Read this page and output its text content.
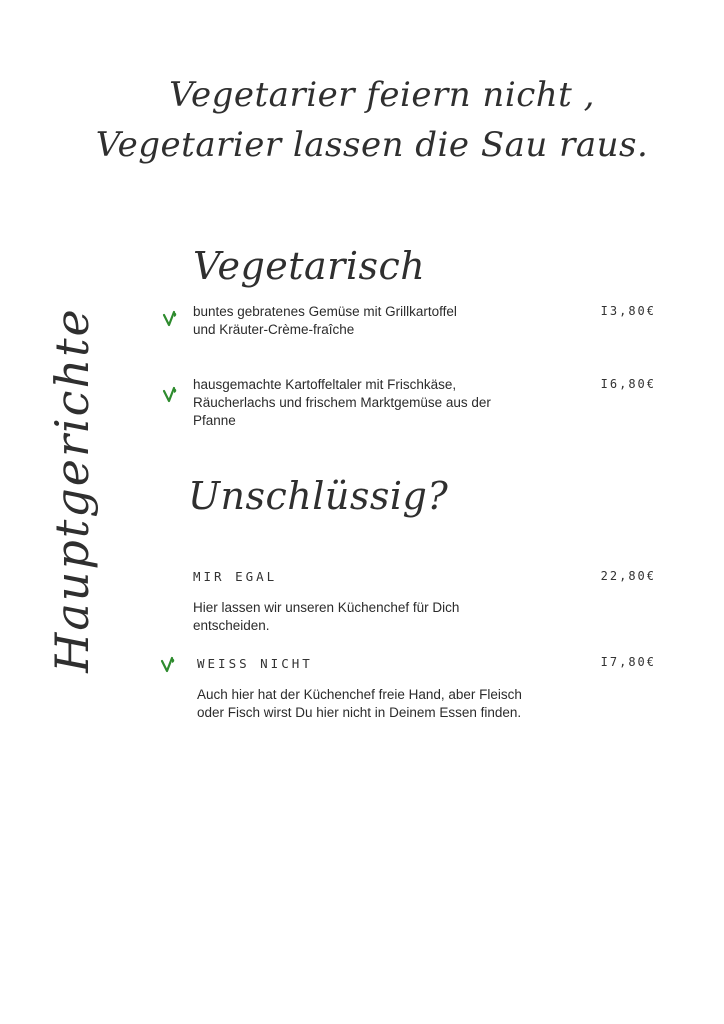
Vegetarier feiern nicht ,
Vegetarier lassen die Sau raus.
Hauptgerichte
Vegetarisch
buntes gebratenes Gemüse mit Grillkartoffel
und Kräuter-Crème-fraîche
I3,80€
hausgemachte Kartoffeltaler mit Frischkäse,
Räucherlachs und frischem Marktgemüse aus der
Pfanne
I6,80€
Unschlüssig?
MIR EGAL	22,80€
Hier lassen wir unseren Küchenchef für Dich
entscheiden.
WEISS NICHT	I7,80€
Auch hier hat der Küchenchef freie Hand, aber Fleisch
oder Fisch wirst Du hier nicht in Deinem Essen finden.
